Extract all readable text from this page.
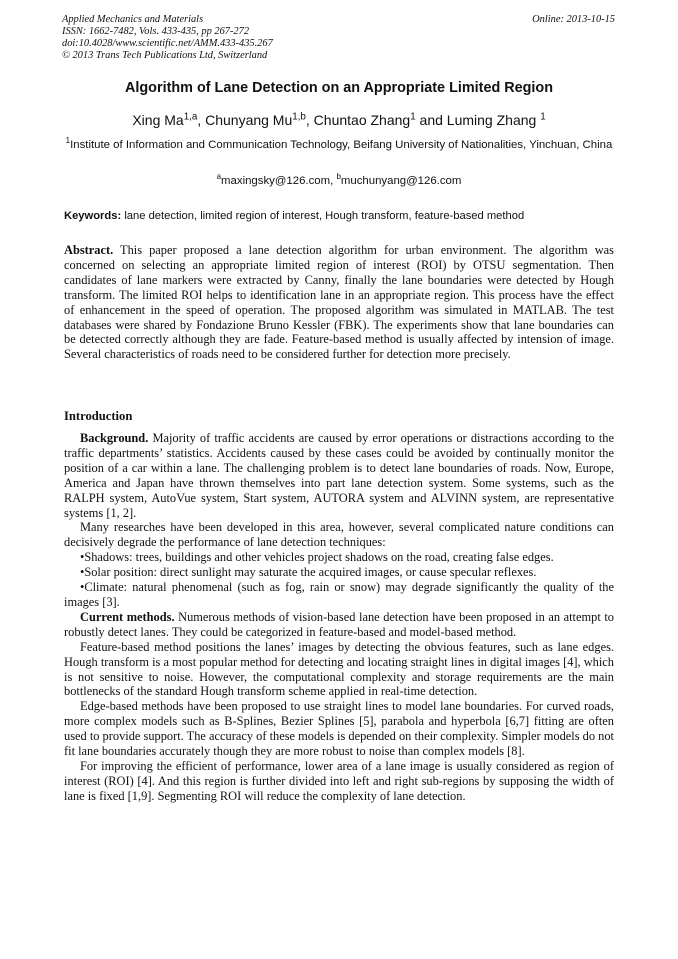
Applied Mechanics and Materials
ISSN: 1662-7482, Vols. 433-435, pp 267-272
doi:10.4028/www.scientific.net/AMM.433-435.267
© 2013 Trans Tech Publications Ltd, Switzerland
Online: 2013-10-15
Algorithm of Lane Detection on an Appropriate Limited Region
Xing Ma$^{1,a}$, Chunyang Mu$^{1,b}$, Chuntao Zhang$^1$ and Luming Zhang $^1$
$^1$Institute of Information and Communication Technology, Beifang University of Nationalities, Yinchuan, China
$^a$maxingsky@126.com, $^b$muchunyang@126.com
Keywords: lane detection, limited region of interest, Hough transform, feature-based method
Abstract. This paper proposed a lane detection algorithm for urban environment. The algorithm was concerned on selecting an appropriate limited region of interest (ROI) by OTSU segmentation. Then candidates of lane markers were extracted by Canny, finally the lane boundaries were detected by Hough transform. The limited ROI helps to identification lane in an appropriate region. This process have the effect of enhancement in the speed of operation. The proposed algorithm was simulated in MATLAB. The test databases were shared by Fondazione Bruno Kessler (FBK). The experiments show that lane boundaries can be detected correctly although they are fade. Feature-based method is usually affected by intension of image. Several characteristics of roads need to be considered further for detection more precisely.
Introduction

Background. Majority of traffic accidents are caused by error operations or distractions according to the traffic departments’ statistics. Accidents caused by these cases could be avoided by continually monitor the position of a car within a lane. The challenging problem is to detect lane boundaries of roads. Now, Europe, America and Japan have thrown themselves into part lane detection system. Some systems, such as the RALPH system, AutoVue system, Start system, AUTORA system and ALVINN system, are representative systems [1, 2].

Many researches have been developed in this area, however, several complicated nature conditions can decisively degrade the performance of lane detection techniques:

•Shadows: trees, buildings and other vehicles project shadows on the road, creating false edges.

•Solar position: direct sunlight may saturate the acquired images, or cause specular reflexes.

•Climate: natural phenomenal (such as fog, rain or snow) may degrade significantly the quality of the images [3].

Current methods. Numerous methods of vision-based lane detection have been proposed in an attempt to robustly detect lanes. They could be categorized in feature-based and model-based method.

Feature-based method positions the lanes’ images by detecting the obvious features, such as lane edges. Hough transform is a most popular method for detecting and locating straight lines in digital images [4], which is not sensitive to noise. However, the computational complexity and storage requirements are the main bottlenecks of the standard Hough transform scheme applied in real-time detection.

Edge-based methods have been proposed to use straight lines to model lane boundaries. For curved roads, more complex models such as B-Splines, Bezier Splines [5], parabola and hyperbola [6,7] fitting are often used to provide support. The accuracy of these models is depended on their complexity. Simpler models do not fit lane boundaries accurately though they are more robust to noise than complex models [8].

For improving the efficient of performance, lower area of a lane image is usually considered as region of interest (ROI) [4]. And this region is further divided into left and right sub-regions by supposing the width of lane is fixed [1,9]. Segmenting ROI will reduce the complexity of lane detection.
